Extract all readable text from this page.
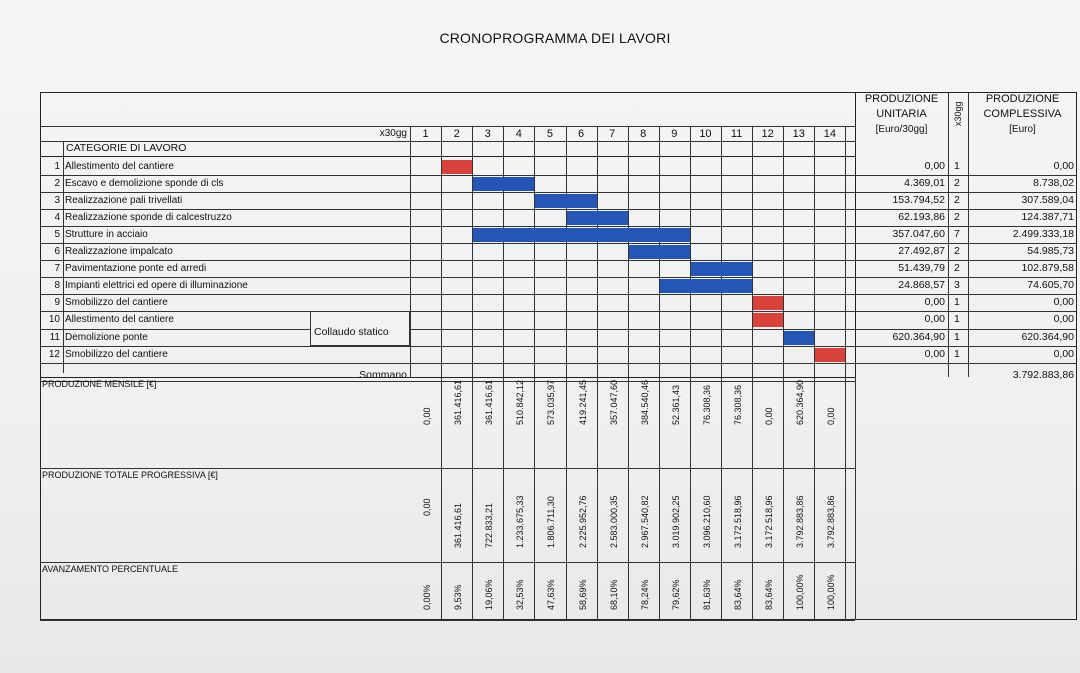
CRONOPROGRAMMA DEI LAVORI
x30gg
CATEGORIE DI LAVORO
1	2	3	4	5	6	7	8	9	10	11	12	13	14
PRODUZIONE
UNITARIA
[Euro/30gg]
x30gg
PRODUZIONE
COMPLESSIVA
[Euro]
1 Allestimento del cantiere	0,00 1	0,00
2 Escavo e demolizione sponde di cls	4.369,01 2	8.738,02
3 Realizzazione pali trivellati	153.794,52 2	307.589,04
4 Realizzazione sponde di calcestruzzo	62.193,86 2	124.387,71
5 Strutture in acciaio	357.047,60 7	2.499.333,18
6 Realizzazione impalcato	27.492,87 2	54.985,73
7 Pavimentazione ponte ed arredi	51.439,79 2	102.879,58
8 Impianti elettrici ed opere di illuminazione	24.868,57 3	74.605,70
9 Smobilizzo del cantiere	0,00 1	0,00
10 Allestimento del cantiere	0,00 1	0,00
11 Demolizione ponte	620.364,90 1	620.364,90
12 Smobilizzo del cantiere	0,00 1	0,00
Collaudo statico
Sommano	3.792.883,86
PRODUZIONE MENSILE [€]
0,00 361.416,61 361.416,61 510.842,12 573.035,97 419.241,45 357.047,60 384.540,46 52.361,43 76.308,36 76.308,36 0,00 620.364,90 0,00
PRODUZIONE TOTALE PROGRESSIVA [€]
0,00 361.416,61 722.833,21 1.233.675,33 1.806.711,30 2.225.952,76 2.583.000,35 2.967.540,82 3.019.902,25 3.096.210,60 3.172.518,96 3.172.518,96 3.792.883,86 3.792.883,86
AVANZAMENTO PERCENTUALE
0,00% 9,53% 19,06% 32,53% 47,63% 58,69% 68,10% 78,24% 79,62% 81,63% 83,64% 83,64% 100,00% 100,00%
